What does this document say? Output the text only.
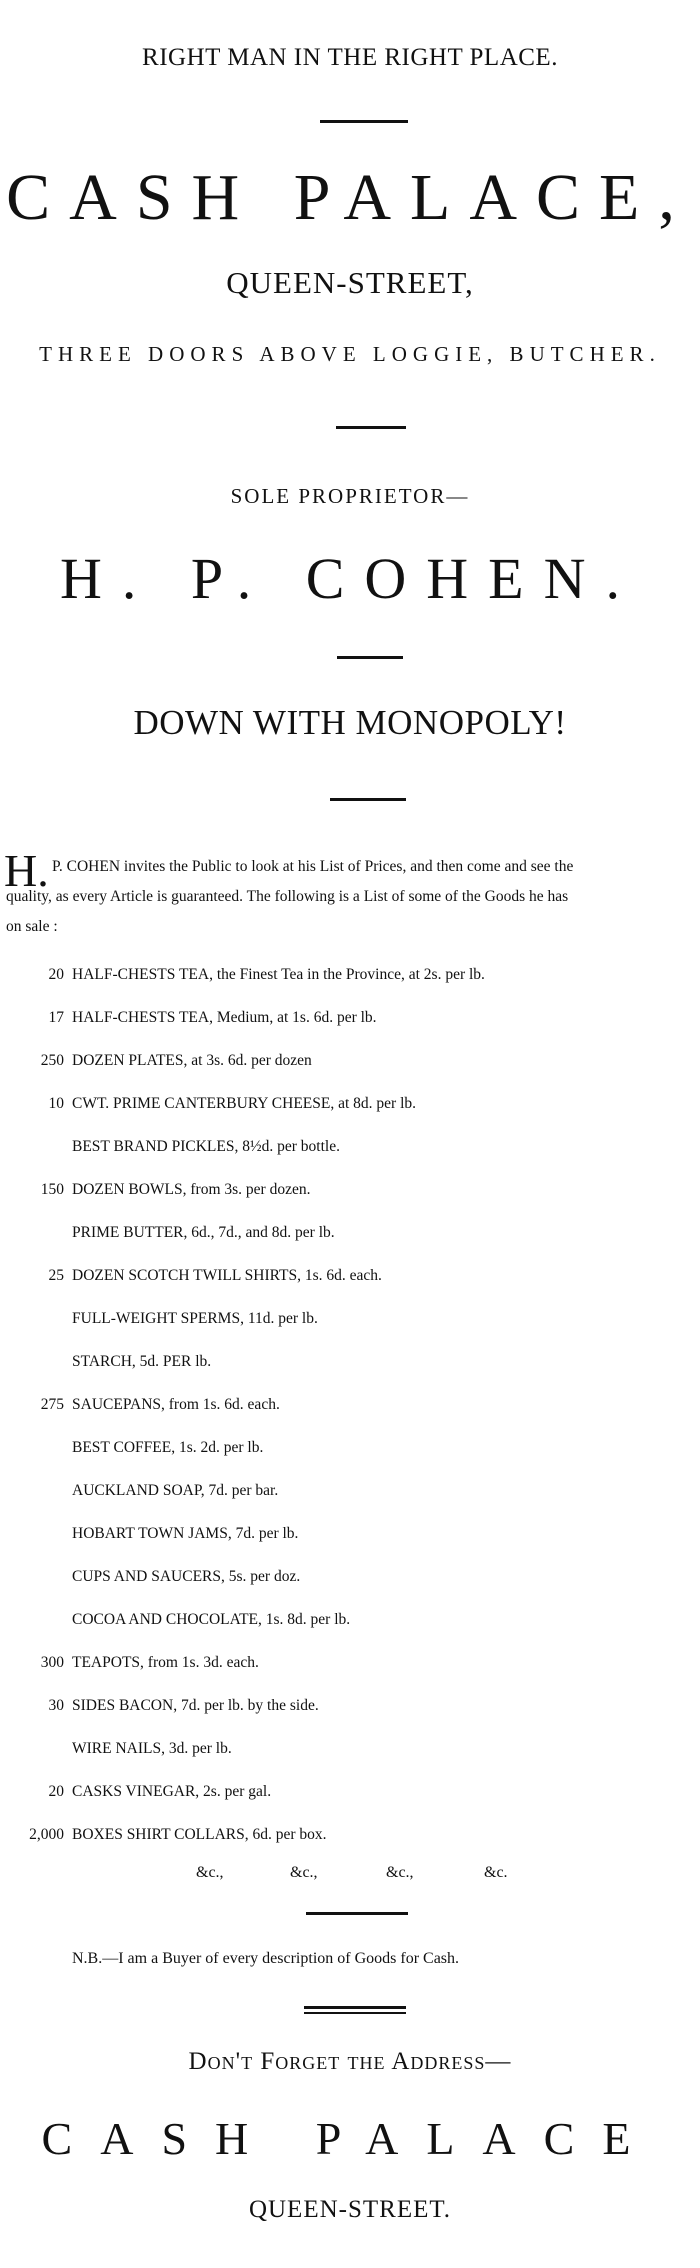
RIGHT MAN IN THE RIGHT PLACE.
CASH PALACE,
QUEEN-STREET,
THREE DOORS ABOVE LOGGIE, BUTCHER.
SOLE PROPRIETOR—
H. P. COHEN.
DOWN WITH MONOPOLY!
H. P. COHEN invites the Public to look at his List of Prices, and then come and see the
quality, as every Article is guaranteed. The following is a List of some of the Goods he has
on sale :
20 HALF-CHESTS TEA, the Finest Tea in the Province, at 2s. per lb.
17 HALF-CHESTS TEA, Medium, at 1s. 6d. per lb.
250 DOZEN PLATES, at 3s. 6d. per dozen
10 CWT. PRIME CANTERBURY CHEESE, at 8d. per lb.
BEST BRAND PICKLES, 8½d. per bottle.
150 DOZEN BOWLS, from 3s. per dozen.
PRIME BUTTER, 6d., 7d., and 8d. per lb.
25 DOZEN SCOTCH TWILL SHIRTS, 1s. 6d. each.
FULL-WEIGHT SPERMS, 11d. per lb.
STARCH, 5d. PER lb.
275 SAUCEPANS, from 1s. 6d. each.
BEST COFFEE, 1s. 2d. per lb.
AUCKLAND SOAP, 7d. per bar.
HOBART TOWN JAMS, 7d. per lb.
CUPS AND SAUCERS, 5s. per doz.
COCOA AND CHOCOLATE, 1s. 8d. per lb.
300 TEAPOTS, from 1s. 3d. each.
30 SIDES BACON, 7d. per lb. by the side.
WIRE NAILS, 3d. per lb.
20 CASKS VINEGAR, 2s. per gal.
2,000 BOXES SHIRT COLLARS, 6d. per box.
&c.,	&c.,	&c.,	&c.
N.B.—I am a Buyer of every description of Goods for Cash.
Don't Forget the Address—
CASH PALACE
QUEEN-STREET.
